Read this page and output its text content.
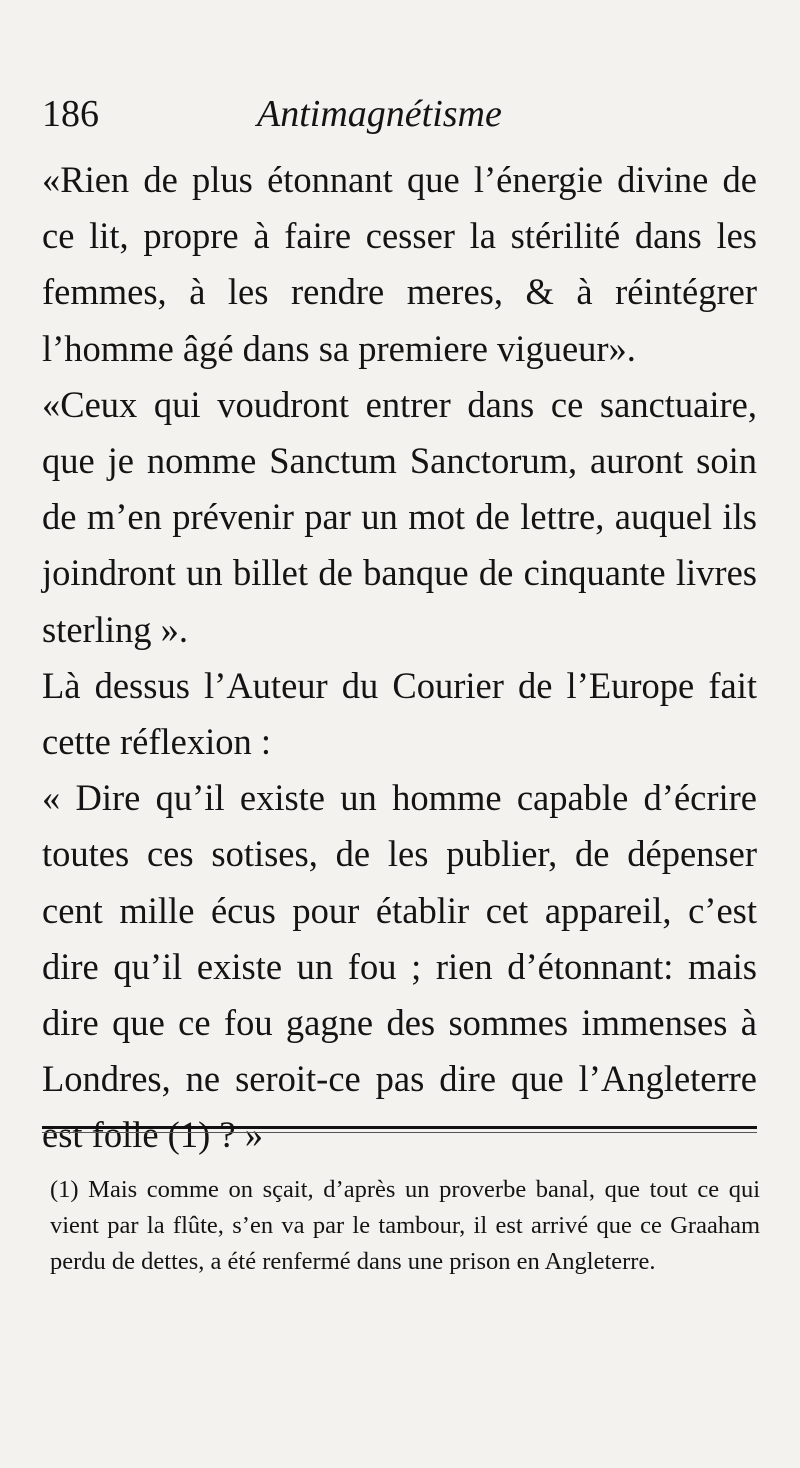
186	Antimagnétisme

«Rien de plus étonnant que l’énergie divine de ce lit, propre à faire cesser la stérilité dans les femmes, à les rendre meres, & à réintégrer l’homme âgé dans sa premiere vigueur».

«Ceux qui voudront entrer dans ce sanctuaire, que je nomme Sanctum Sanctorum, auront soin de m’en prévenir par un mot de lettre, auquel ils joindront un billet de banque de cinquante livres sterling ».

Là dessus l’Auteur du Courier de l’Europe fait cette réflexion :

« Dire qu’il existe un homme capable d’écrire toutes ces sotises, de les publier, de dépenser cent mille écus pour établir cet appareil, c’est dire qu’il existe un fou ; rien d’étonnant: mais dire que ce fou gagne des sommes immenses à Londres, ne seroit-ce pas dire que l’Angleterre est folle (1) ? »

(1) Mais comme on sçait, d’après un proverbe banal, que tout ce qui vient par la flûte, s’en va par le tambour, il est arrivé que ce Graaham perdu de dettes, a été renfermé dans une prison en Angleterre.
